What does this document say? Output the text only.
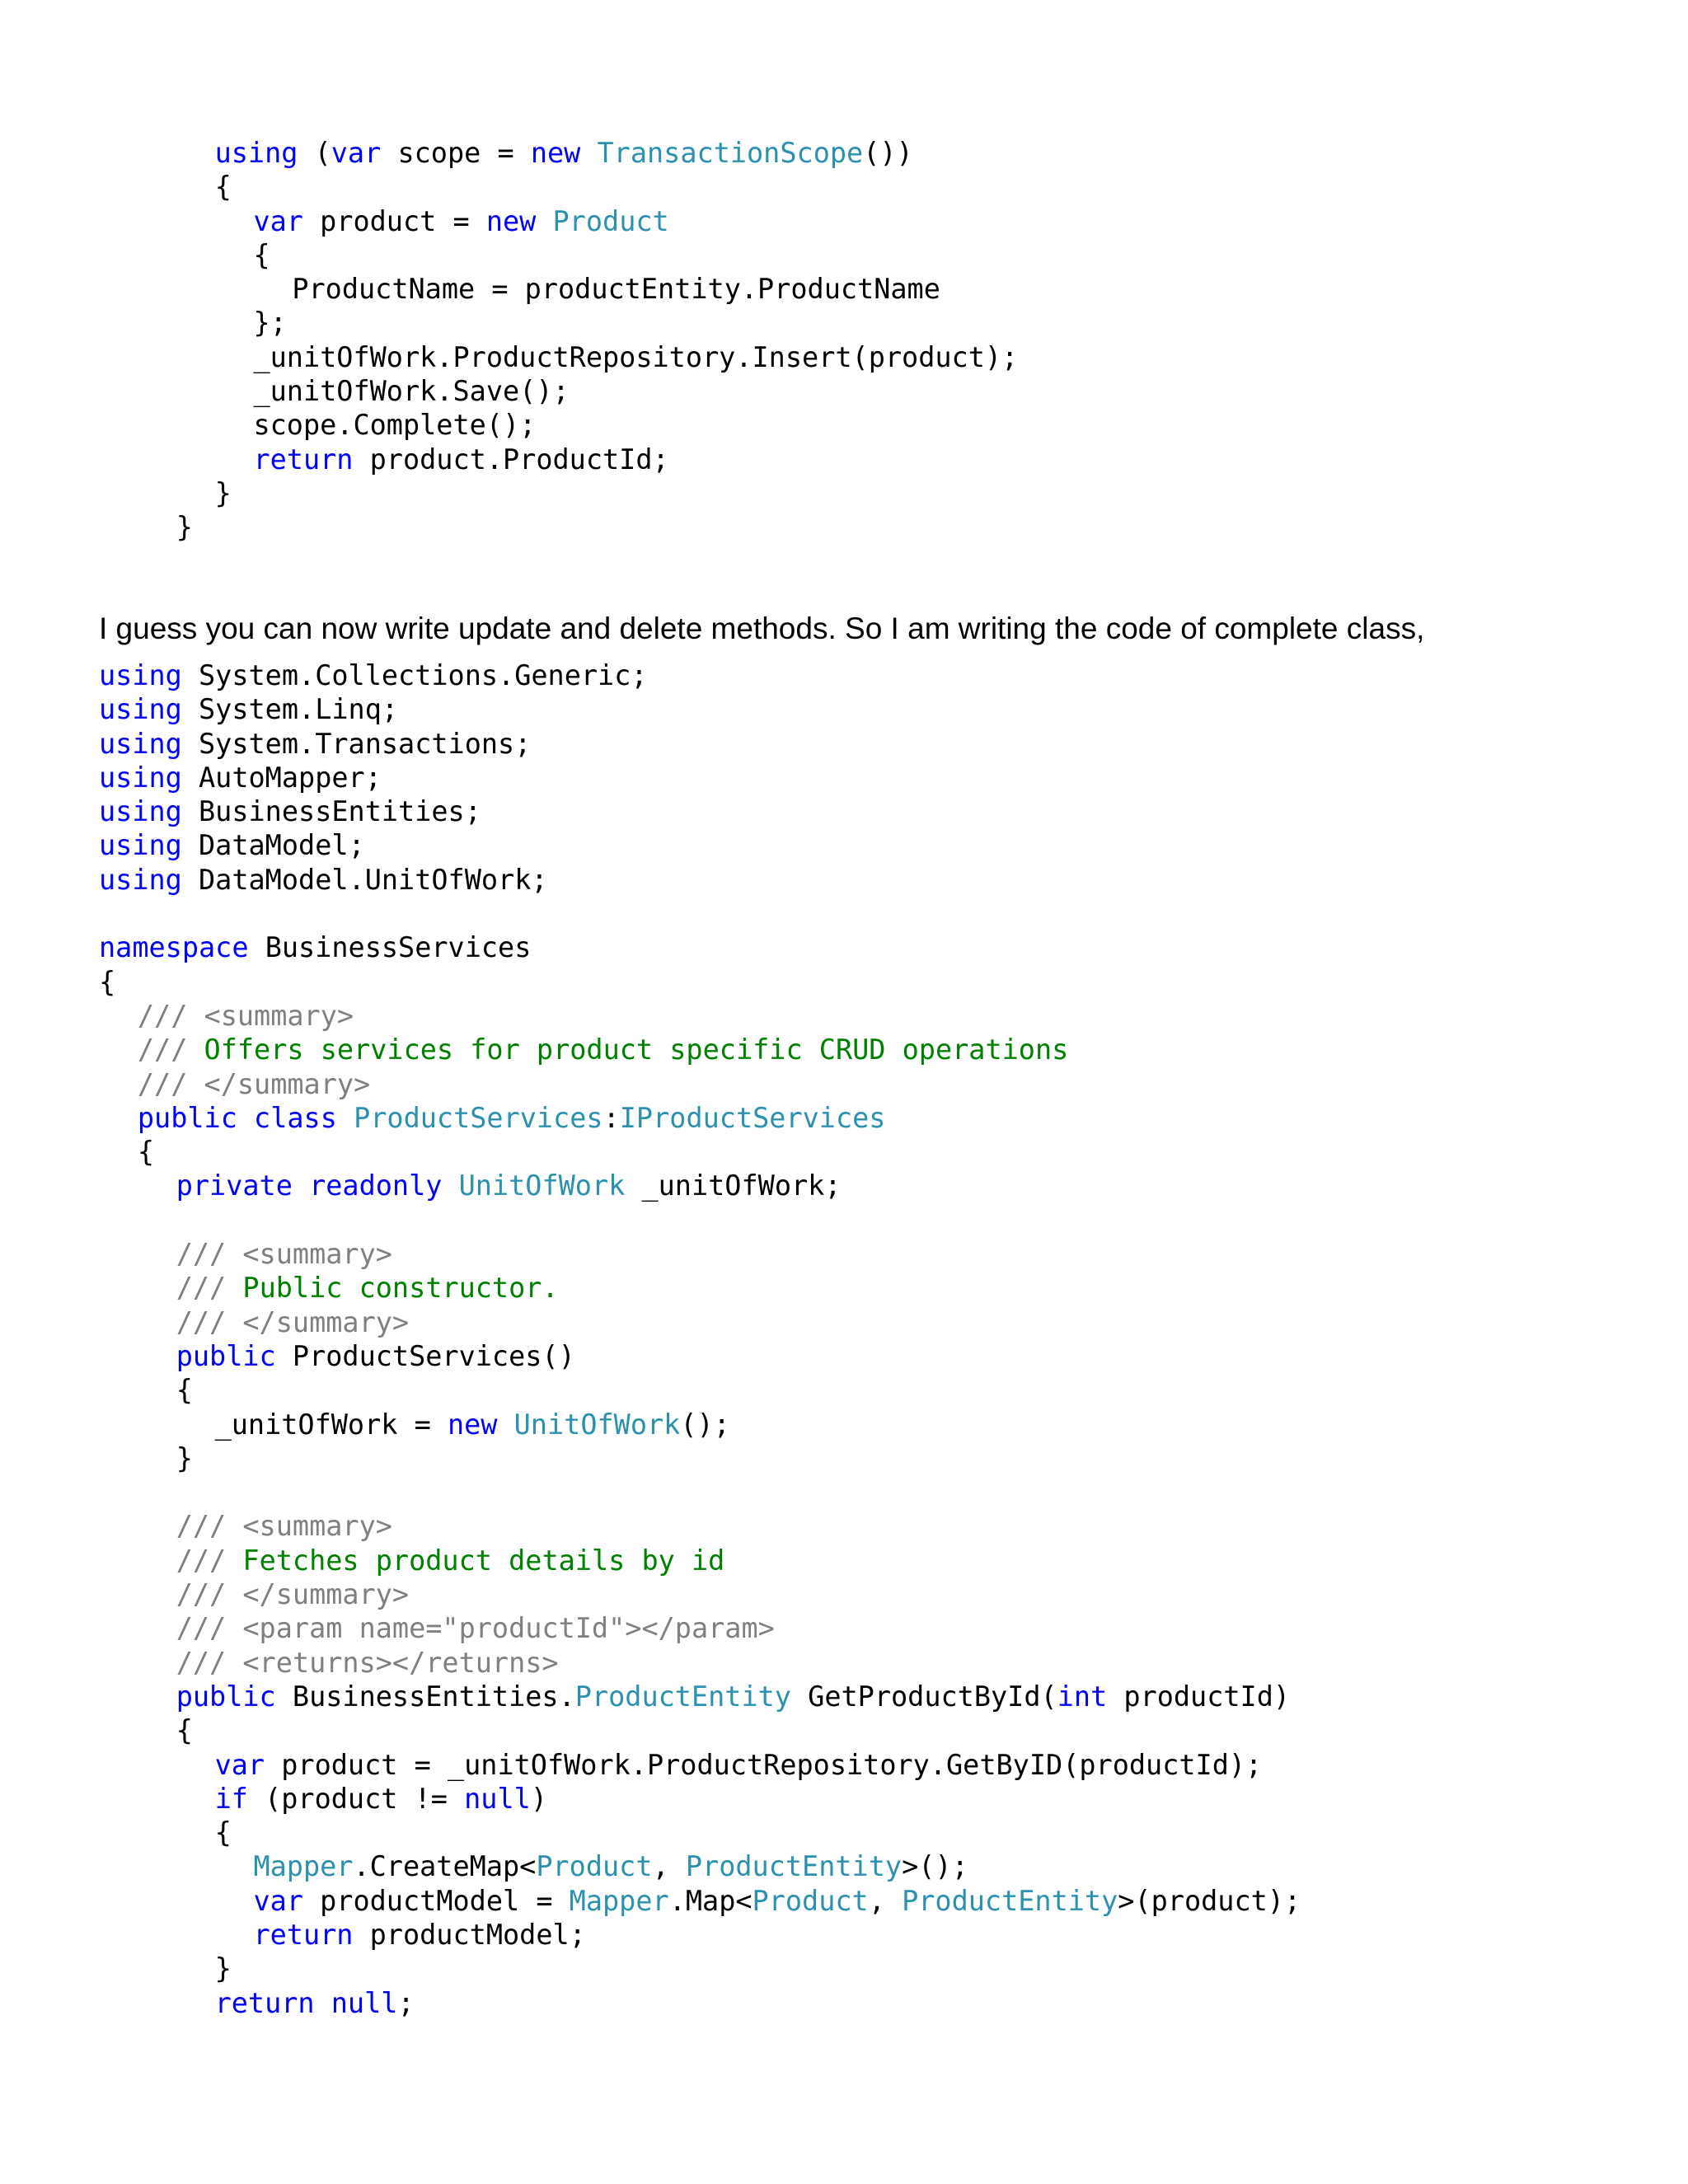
using (var scope = new TransactionScope())
{
var product = new Product
{
ProductName = productEntity.ProductName
};
_unitOfWork.ProductRepository.Insert(product);
_unitOfWork.Save();
scope.Complete();
return product.ProductId;
}
}

I guess you can now write update and delete methods. So I am writing the code of complete class,

using System.Collections.Generic;
using System.Linq;
using System.Transactions;
using AutoMapper;
using BusinessEntities;
using DataModel;
using DataModel.UnitOfWork;
namespace BusinessServices
{
/// <summary>
/// Offers services for product specific CRUD operations
/// </summary>
public class ProductServices:IProductServices
{
private readonly UnitOfWork _unitOfWork;
/// <summary>
/// Public constructor.
/// </summary>
public ProductServices()
{
_unitOfWork = new UnitOfWork();
}
/// <summary>
/// Fetches product details by id
/// </summary>
/// <param name="productId"></param>
/// <returns></returns>
public BusinessEntities.ProductEntity GetProductById(int productId)
{
var product = _unitOfWork.ProductRepository.GetByID(productId);
if (product != null)
{
Mapper.CreateMap<Product, ProductEntity>();
var productModel = Mapper.Map<Product, ProductEntity>(product);
return productModel;
}
return null;
